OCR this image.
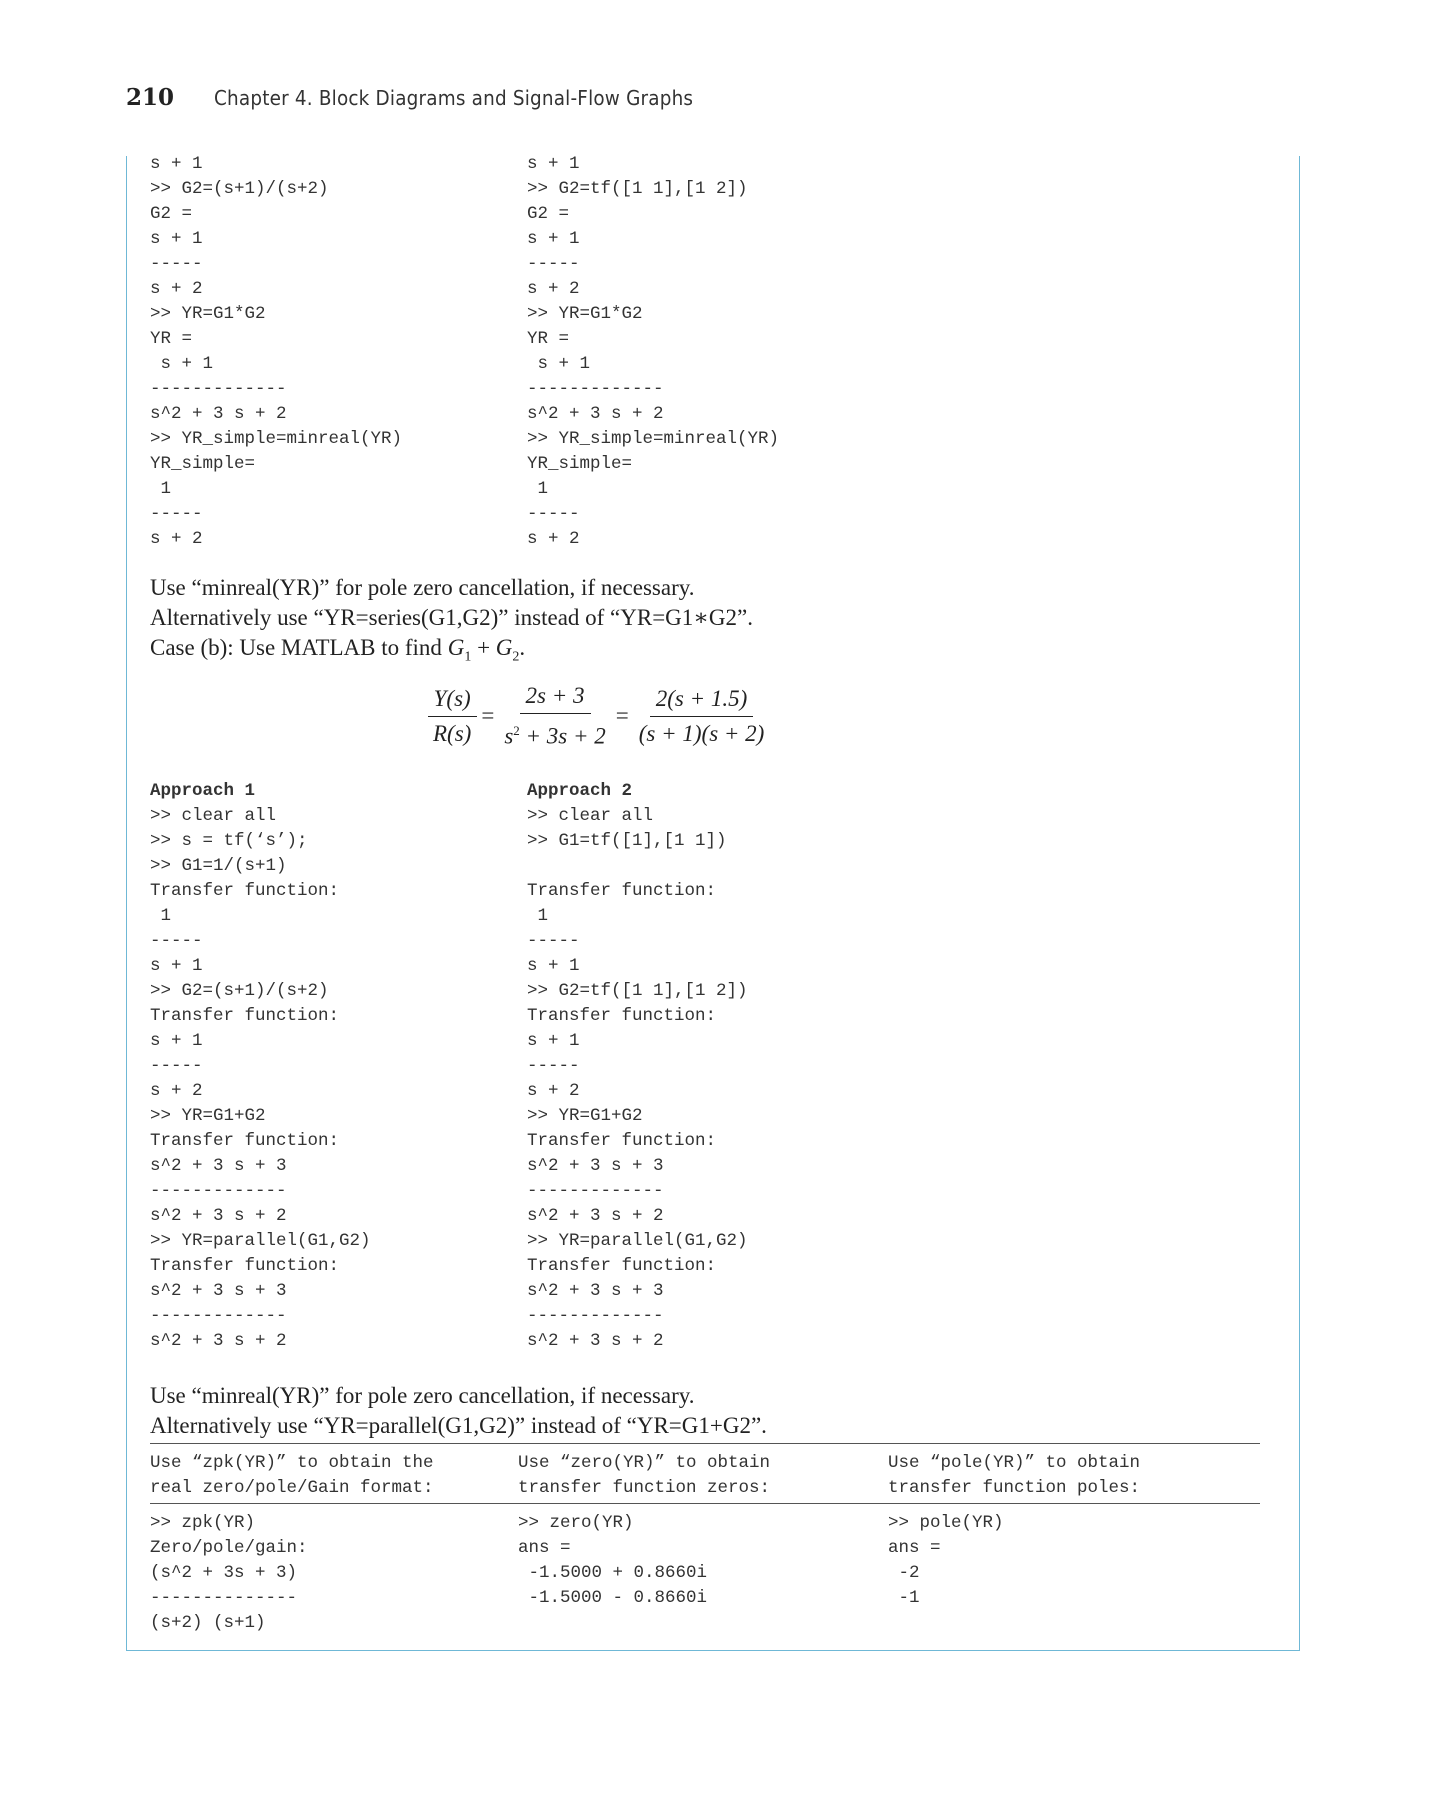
210 Chapter 4. Block Diagrams and Signal-Flow Graphs
s + 1
>> G2=(s+1)/(s+2)
G2 =
s + 1
-----
s + 2
>> YR=G1*G2
YR =
s + 1
-------------
s^2 + 3 s + 2
>> YR_simple=minreal(YR)
YR_simple=
1
-----
s + 2
s + 1
>> G2=tf([1 1],[1 2])
G2 =
s + 1
-----
s + 2
>> YR=G1*G2
YR =
s + 1
-------------
s^2 + 3 s + 2
>> YR_simple=minreal(YR)
YR_simple=
1
-----
s + 2
Use “minreal(YR)” for pole zero cancellation, if necessary.
Alternatively use “YR=series(G1,G2)” instead of “YR=G1∗G2”.
Case (b): Use MATLAB to find $G_1 + G_2$.
$\frac{Y(s)}{R(s)} = \frac{2s + 3}{s^2 + 3s + 2} = \frac{2(s + 1.5)}{(s + 1)(s + 2)}$
Approach 1	Approach 2
>> clear all
>> s = tf(‘s’);
>> G1=1/(s+1)
Transfer function:
1
-----
s + 1
>> G2=(s+1)/(s+2)
Transfer function:
s + 1
-----
s + 2
>> YR=G1+G2
Transfer function:
s^2 + 3 s + 3
-------------
s^2 + 3 s + 2
>> YR=parallel(G1,G2)
Transfer function:
s^2 + 3 s + 3
-------------
s^2 + 3 s + 2
>> clear all
>> G1=tf([1],[1 1])
Transfer function:
1
-----
s + 1
>> G2=tf([1 1],[1 2])
Transfer function:
s + 1
-----
s + 2
>> YR=G1+G2
Transfer function:
s^2 + 3 s + 3
-------------
s^2 + 3 s + 2
>> YR=parallel(G1,G2)
Transfer function:
s^2 + 3 s + 3
-------------
s^2 + 3 s + 2
Use “minreal(YR)” for pole zero cancellation, if necessary.
Alternatively use “YR=parallel(G1,G2)” instead of “YR=G1+G2”.
Use “zpk(YR)” to obtain the
real zero/pole/Gain format:
Use “zero(YR)” to obtain
transfer function zeros:
Use “pole(YR)” to obtain
transfer function poles:
>> zpk(YR)
Zero/pole/gain:
(s^2 + 3s + 3)
--------------
(s+2) (s+1)
>> zero(YR)
ans =
-1.5000 + 0.8660i
-1.5000 - 0.8660i
>> pole(YR)
ans =
-2
-1
